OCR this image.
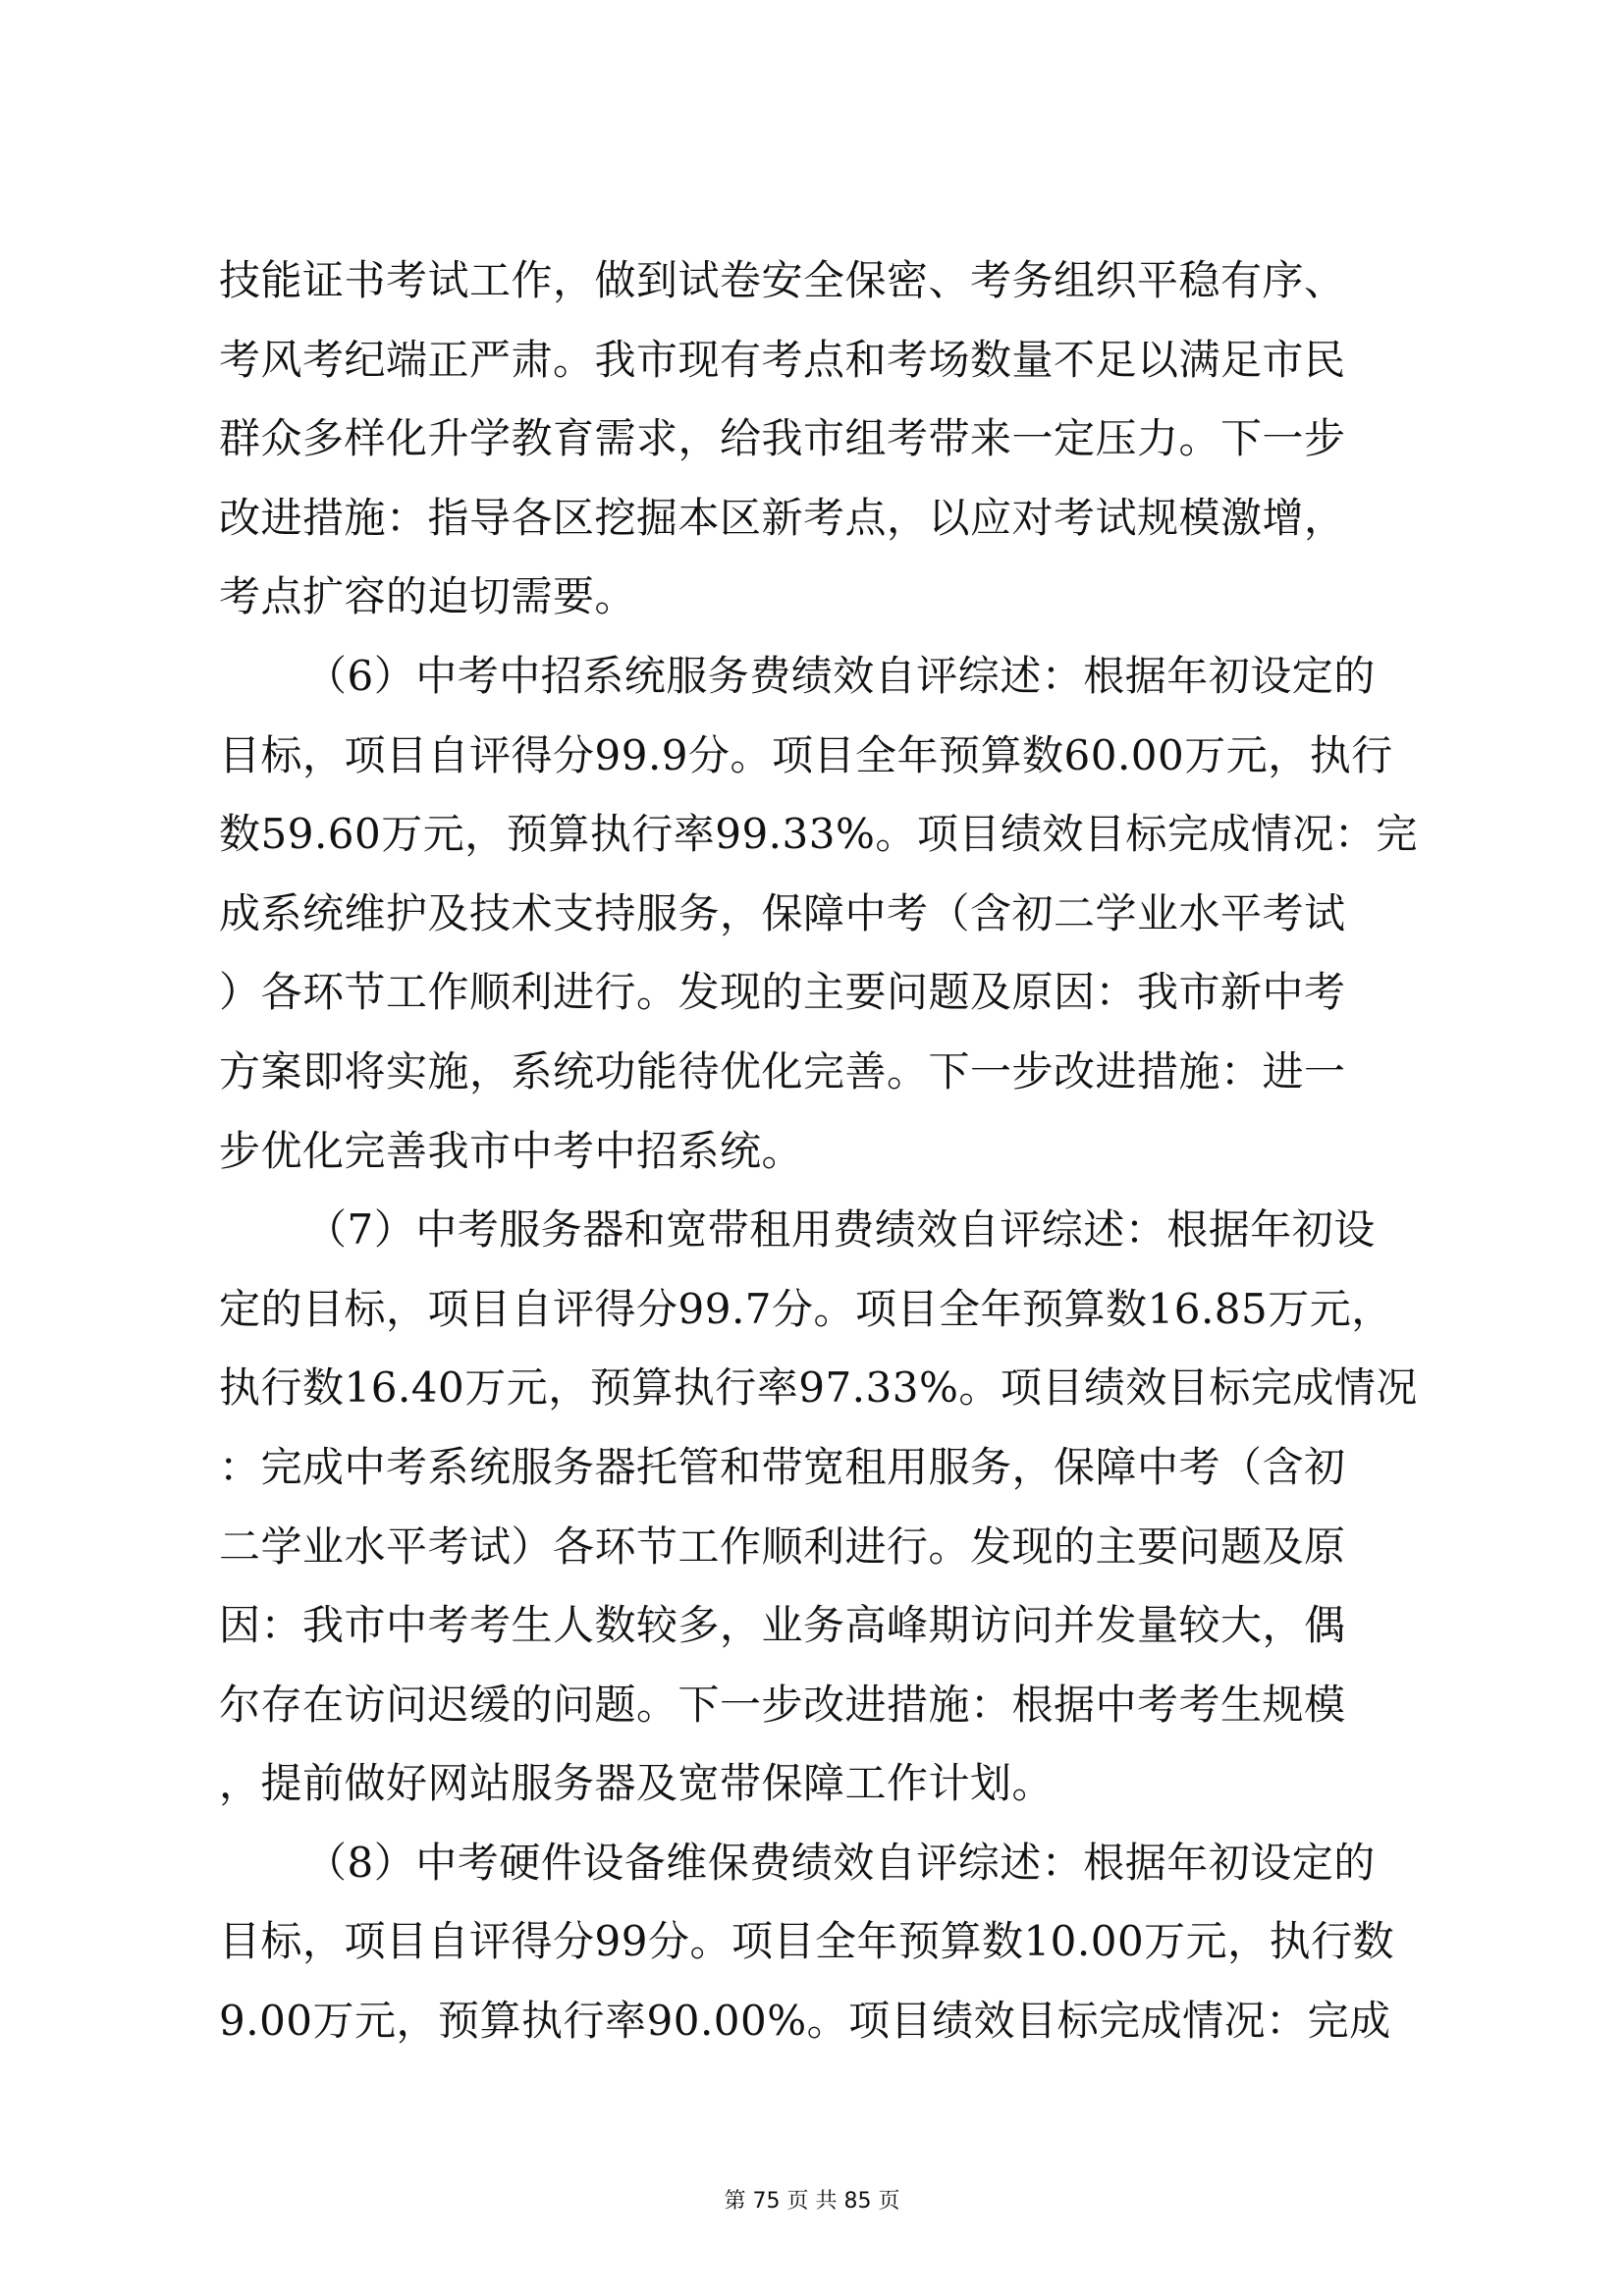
技能证书考试工作，做到试卷安全保密、考务组织平稳有序、
考风考纪端正严肃。我市现有考点和考场数量不足以满足市民
群众多样化升学教育需求，给我市组考带来一定压力。下一步
改进措施：指导各区挖掘本区新考点，以应对考试规模激增，
考点扩容的迫切需要。
（6）中考中招系统服务费绩效自评综述：根据年初设定的
目标，项目自评得分99.9分。项目全年预算数60.00万元，执行
数59.60万元，预算执行率99.33%。项目绩效目标完成情况：完
成系统维护及技术支持服务，保障中考（含初二学业水平考试
）各环节工作顺利进行。发现的主要问题及原因：我市新中考
方案即将实施，系统功能待优化完善。下一步改进措施：进一
步优化完善我市中考中招系统。
（7）中考服务器和宽带租用费绩效自评综述：根据年初设
定的目标，项目自评得分99.7分。项目全年预算数16.85万元，
执行数16.40万元，预算执行率97.33%。项目绩效目标完成情况
：完成中考系统服务器托管和带宽租用服务，保障中考（含初
二学业水平考试）各环节工作顺利进行。发现的主要问题及原
因：我市中考考生人数较多，业务高峰期访问并发量较大，偶
尔存在访问迟缓的问题。下一步改进措施：根据中考考生规模
，提前做好网站服务器及宽带保障工作计划。
（8）中考硬件设备维保费绩效自评综述：根据年初设定的
目标，项目自评得分99分。项目全年预算数10.00万元，执行数
9.00万元，预算执行率90.00%。项目绩效目标完成情况：完成
第 75 页 共 85 页
